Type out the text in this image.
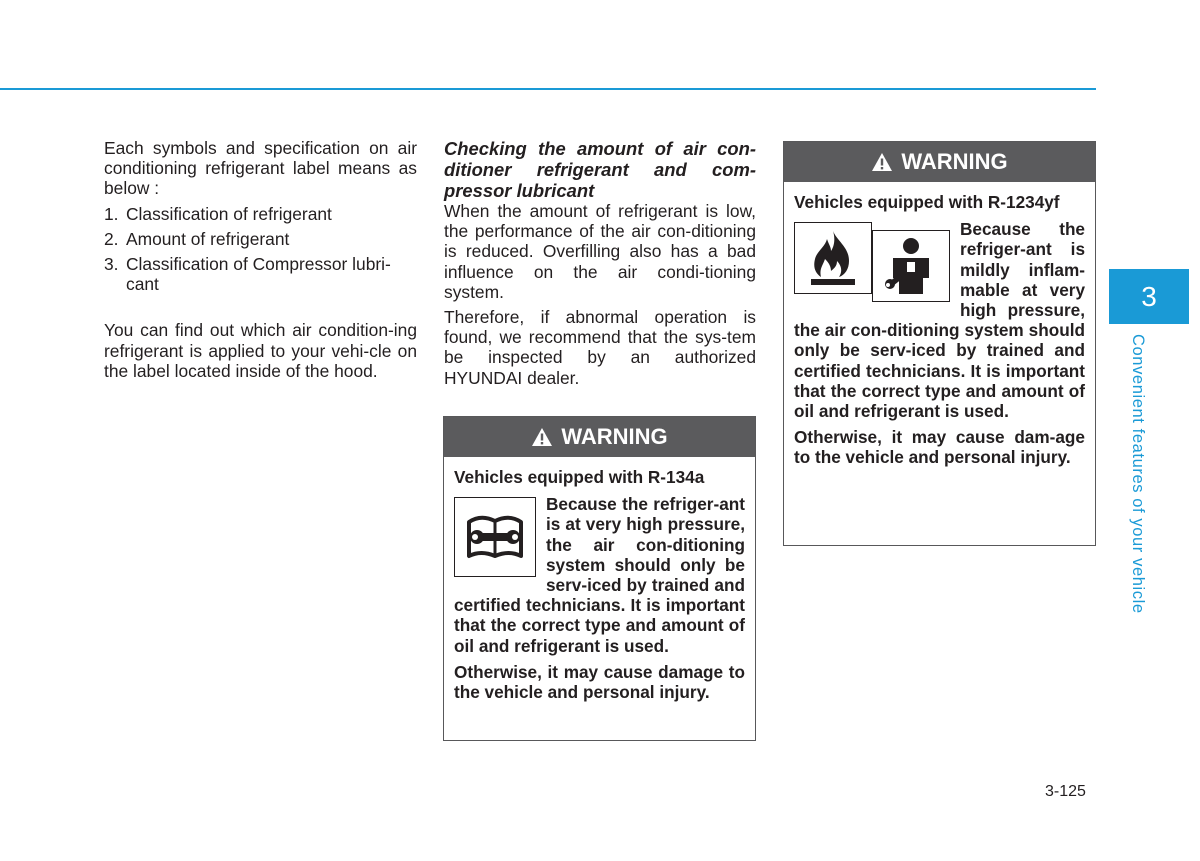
Each symbols and specification on air conditioning refrigerant label means as below :

1. Classification of refrigerant
2. Amount of refrigerant
3. Classification of Compressor lubri-cant

You can find out which air condition-ing refrigerant is applied to your vehi-cle on the label located inside of the hood.

Checking the amount of air con-ditioner refrigerant and com-pressor lubricant

When the amount of refrigerant is low, the performance of the air con-ditioning is reduced. Overfilling also has a bad influence on the air condi-tioning system.

Therefore, if abnormal operation is found, we recommend that the sys-tem be inspected by an authorized HYUNDAI dealer.

WARNING

Vehicles equipped with R-134a

Because the refriger-ant is at very high pressure, the air con-ditioning system should only be serv-iced by trained and certified technicians. It is important that the correct type and amount of oil and refrigerant is used.

Otherwise, it may cause damage to the vehicle and personal injury.

WARNING

Vehicles equipped with R-1234yf

Because the refriger-ant is mildly inflam-mable at very high pressure, the air con-ditioning system should only be serv-iced by trained and certified technicians. It is important that the correct type and amount of oil and refrigerant is used.

Otherwise, it may cause dam-age to the vehicle and personal injury.

3
Convenient features of your vehicle
3-125
